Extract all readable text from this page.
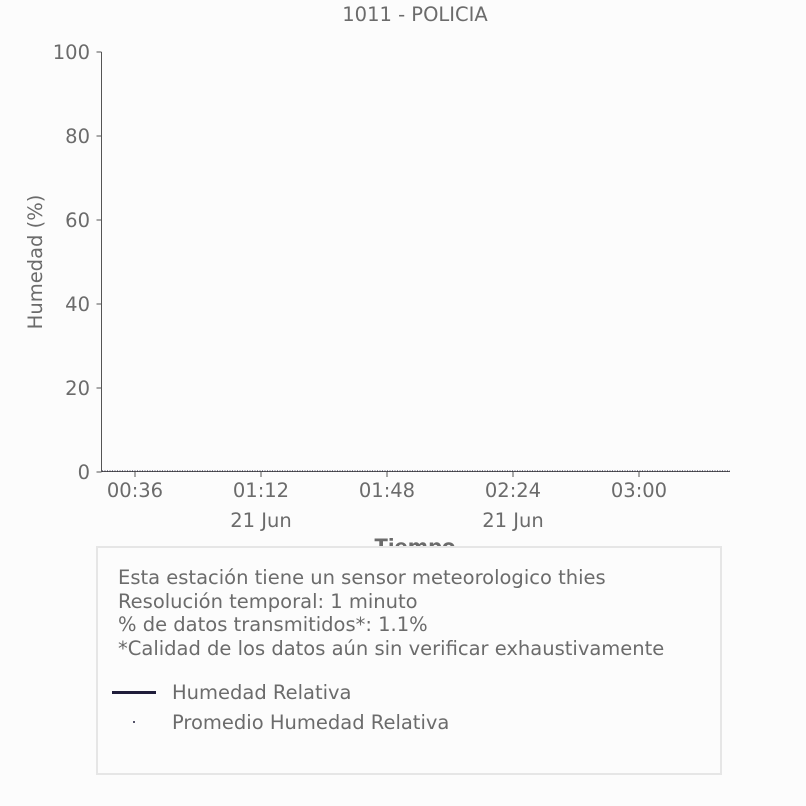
1011 - POLICIA
Humedad (%)
0
20
40
60
80
100
00:36	01:12
21 Jun
01:48	02:24
21 Jun
03:00
Esta estación tiene un sensor meteorologico thies
Resolución temporal: 1 minuto
% de datos transmitidos*: 1.1%
*Calidad de los datos aún sin verificar exhaustivamente
Humedad Relativa
Promedio Humedad Relativa
